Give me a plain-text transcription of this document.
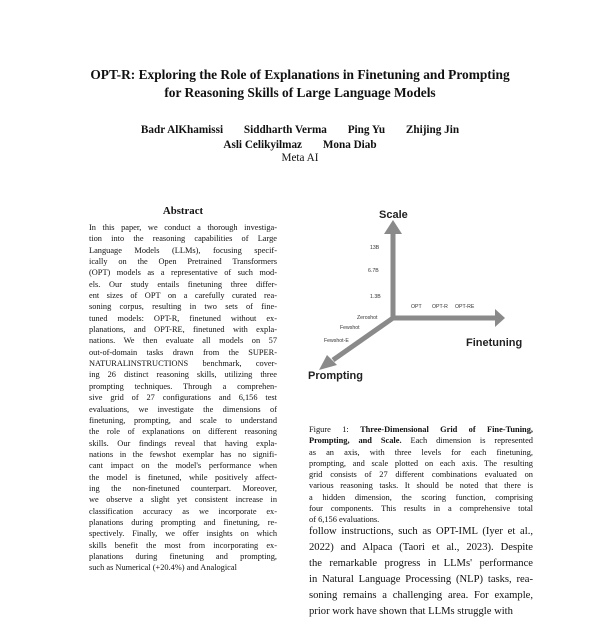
OPT-R: Exploring the Role of Explanations in Finetuning and Prompting
for Reasoning Skills of Large Language Models
Badr AlKhamissi Siddharth Verma Ping Yu Zhijing Jin
Asli Celikyilmaz Mona Diab
Meta AI
Abstract
In this paper, we conduct a thorough investiga-
tion into the reasoning capabilities of Large
Language Models (LLMs), focusing specif-
ically on the Open Pretrained Transformers
(OPT) models as a representative of such mod-
els. Our study entails finetuning three differ-
ent sizes of OPT on a carefully curated rea-
soning corpus, resulting in two sets of fine-
tuned models: OPT-R, finetuned without ex-
planations, and OPT-RE, finetuned with expla-
nations. We then evaluate all models on 57
out-of-domain tasks drawn from the SUPER-
NATURALINSTRUCTIONS benchmark, cover-
ing 26 distinct reasoning skills, utilizing three
prompting techniques. Through a comprehen-
sive grid of 27 configurations and 6,156 test
evaluations, we investigate the dimensions of
finetuning, prompting, and scale to understand
the role of explanations on different reasoning
skills. Our findings reveal that having expla-
nations in the fewshot exemplar has no signifi-
cant impact on the model's performance when
the model is finetuned, while positively affect-
ing the non-finetuned counterpart. Moreover,
we observe a slight yet consistent increase in
classification accuracy as we incorporate ex-
planations during prompting and finetuning, re-
spectively. Finally, we offer insights on which
skills benefit the most from incorporating ex-
planations during finetuning and prompting,
such as Numerical (+20.4%) and Analogical
Scale
Finetuning
Prompting
13B
6.7B
1.3B
OPT OPT-R OPT-RE
Zeroshot
Fewshot
Fewshot-E
Figure 1: Three-Dimensional Grid of Fine-Tuning,
Prompting, and Scale. Each dimension is represented
as an axis, with three levels for each finetuning,
prompting, and scale plotted on each axis. The resulting
grid consists of 27 different combinations evaluated on
various reasoning tasks. It should be noted that there is
a hidden dimension, the scoring function, comprising
four components. This results in a comprehensive total
of 6,156 evaluations.
follow instructions, such as OPT-IML (Iyer et al.,
2022) and Alpaca (Taori et al., 2023). Despite
the remarkable progress in LLMs' performance
in Natural Language Processing (NLP) tasks, rea-
soning remains a challenging area. For example,
prior work have shown that LLMs struggle with
